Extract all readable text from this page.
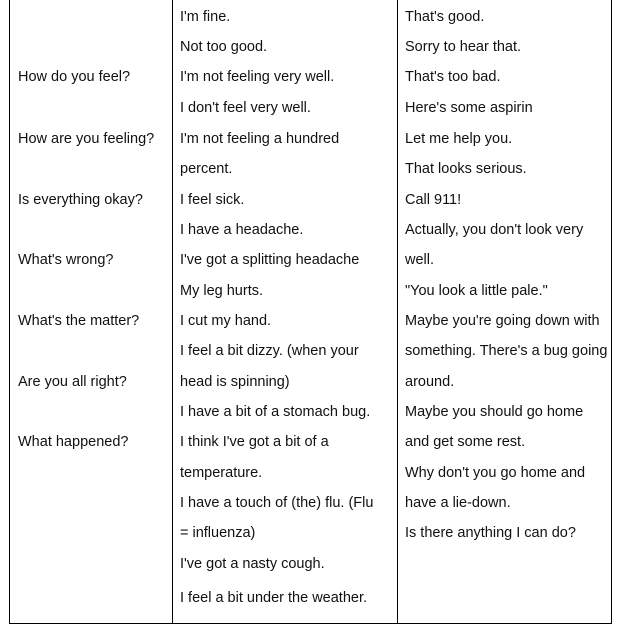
How do you feel?
How are you feeling?
Is everything okay?
What's wrong?
What's the matter?
Are you all right?
What happened?
I'm fine.
Not too good.
I'm not feeling very well.
I don't feel very well.
I'm not feeling a hundred
percent.
I feel sick.
I have a headache.
I've got a splitting headache
My leg hurts.
I cut my hand.
I feel a bit dizzy. (when your
head is spinning)
I have a bit of a stomach bug.
I think I've got a bit of a
temperature.
I have a touch of (the) flu. (Flu
= influenza)
I've got a nasty cough.
I feel a bit under the weather.
That's good.
Sorry to hear that.
That's too bad.
Here's some aspirin
Let me help you.
That looks serious.
Call 911!
Actually, you don't look very
well.
"You look a little pale."
Maybe you're going down with
something. There's a bug going
around.
Maybe you should go home
and get some rest.
Why don't you go home and
have a lie-down.
Is there anything I can do?
